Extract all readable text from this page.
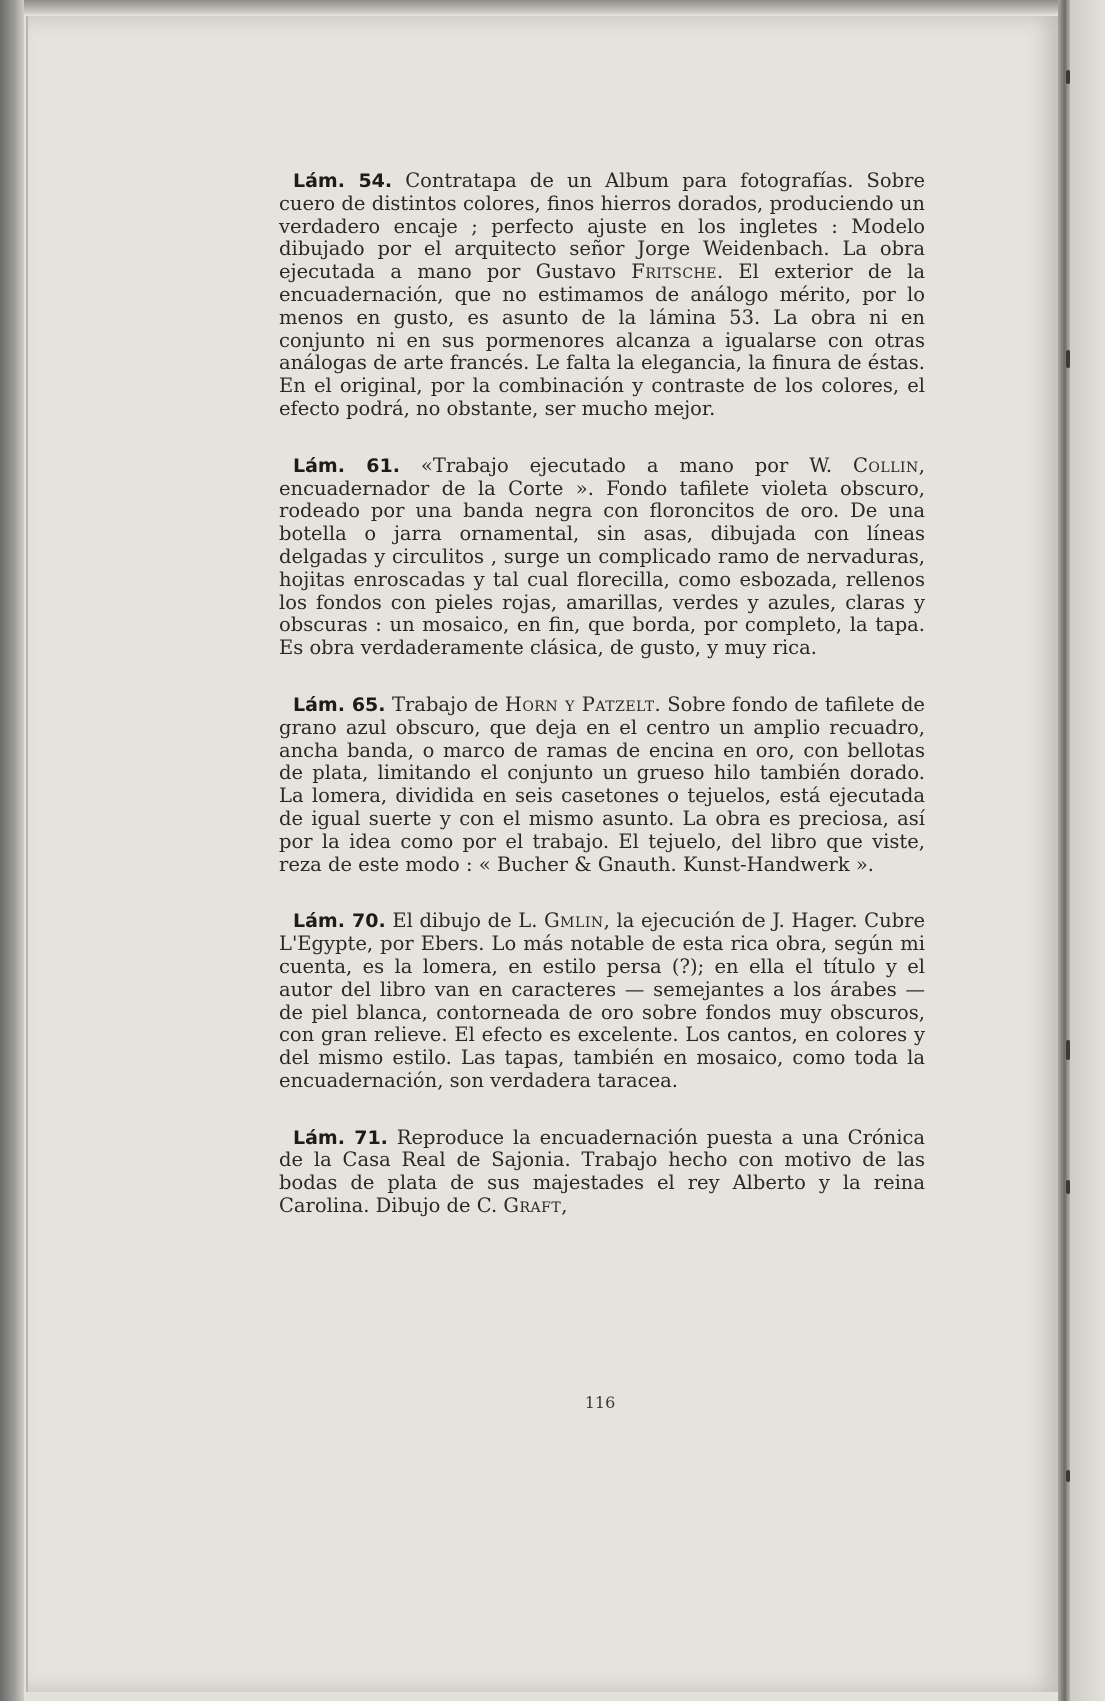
Lám. 54. Contratapa de un Album para fotografías. Sobre cuero de distintos colores, finos hierros dorados, produciendo un verdadero encaje ; perfecto ajuste en los ingletes : Modelo dibujado por el arquitecto señor Jorge Weidenbach. La obra ejecutada a mano por Gustavo Fritsche. El exterior de la encuadernación, que no estimamos de análogo mérito, por lo menos en gusto, es asunto de la lámina 53. La obra ni en conjunto ni en sus pormenores alcanza a igualarse con otras análogas de arte francés. Le falta la elegancia, la finura de éstas. En el original, por la combinación y contraste de los colores, el efecto podrá, no obstante, ser mucho mejor.

Lám. 61. «Trabajo ejecutado a mano por W. Collin, encuadernador de la Corte ». Fondo tafilete violeta obscuro, rodeado por una banda negra con floroncitos de oro. De una botella o jarra ornamental, sin asas, dibujada con líneas delgadas y circulitos , surge un complicado ramo de nervaduras, hojitas enroscadas y tal cual florecilla, como esbozada, rellenos los fondos con pieles rojas, amarillas, verdes y azules, claras y obscuras : un mosaico, en fin, que borda, por completo, la tapa. Es obra verdaderamente clásica, de gusto, y muy rica.

Lám. 65. Trabajo de Horn y Patzelt. Sobre fondo de tafilete de grano azul obscuro, que deja en el centro un amplio recuadro, ancha banda, o marco de ramas de encina en oro, con bellotas de plata, limitando el conjunto un grueso hilo también dorado. La lomera, dividida en seis casetones o tejuelos, está ejecutada de igual suerte y con el mismo asunto. La obra es preciosa, así por la idea como por el trabajo. El tejuelo, del libro que viste, reza de este modo : « Bucher & Gnauth. Kunst-Handwerk ».

Lám. 70. El dibujo de L. Gmlin, la ejecución de J. Hager. Cubre L'Egypte, por Ebers. Lo más notable de esta rica obra, según mi cuenta, es la lomera, en estilo persa (?); en ella el título y el autor del libro van en caracteres — semejantes a los árabes — de piel blanca, contorneada de oro sobre fondos muy obscuros, con gran relieve. El efecto es excelente. Los cantos, en colores y del mismo estilo. Las tapas, también en mosaico, como toda la encuadernación, son verdadera taracea.

Lám. 71. Reproduce la encuadernación puesta a una Crónica de la Casa Real de Sajonia. Trabajo hecho con motivo de las bodas de plata de sus majestades el rey Alberto y la reina Carolina. Dibujo de C. Graft,

116
